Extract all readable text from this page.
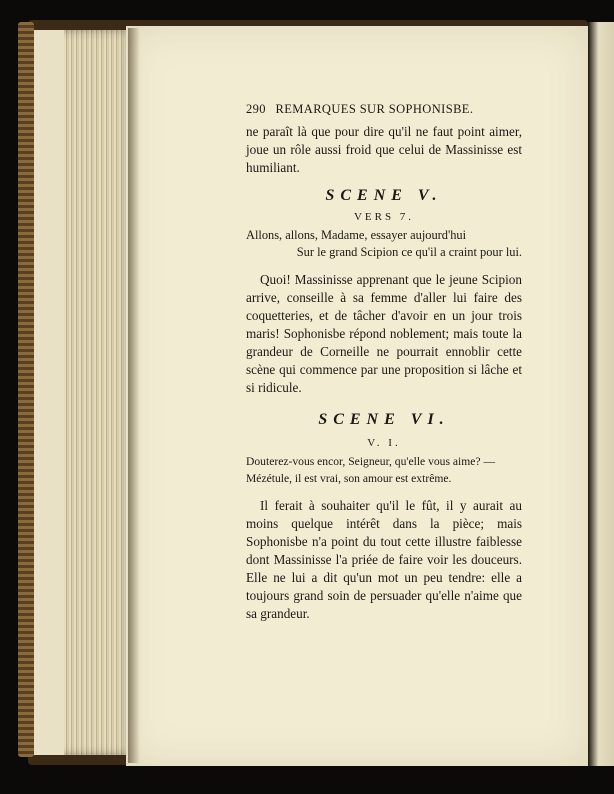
290 REMARQUES SUR SOPHONISBE.

ne paraît là que pour dire qu'il ne faut point aimer, joue un rôle aussi froid que celui de Massinisse est humiliant.

SCENE V.
VERS 7.
Allons, allons, Madame, essayer aujourd'hui
Sur le grand Scipion ce qu'il a craint pour lui.

Quoi! Massinisse apprenant que le jeune Scipion arrive, conseille à sa femme d'aller lui faire des coquetteries, et de tâcher d'avoir en un jour trois maris! Sophonisbe répond noblement; mais toute la grandeur de Corneille ne pourrait ennoblir cette scène qui commence par une proposition si lâche et si ridicule.

SCENE VI.
V. I.
Douterez-vous encor, Seigneur, qu'elle vous aime? —
Mézétule, il est vrai, son amour est extrême.

Il ferait à souhaiter qu'il le fût, il y aurait au moins quelque intérêt dans la pièce; mais Sophonisbe n'a point du tout cette illustre faiblesse dont Massinisse l'a priée de faire voir les douceurs. Elle ne lui a dit qu'un mot un peu tendre: elle a toujours grand soin de persuader qu'elle n'aime que sa grandeur.
